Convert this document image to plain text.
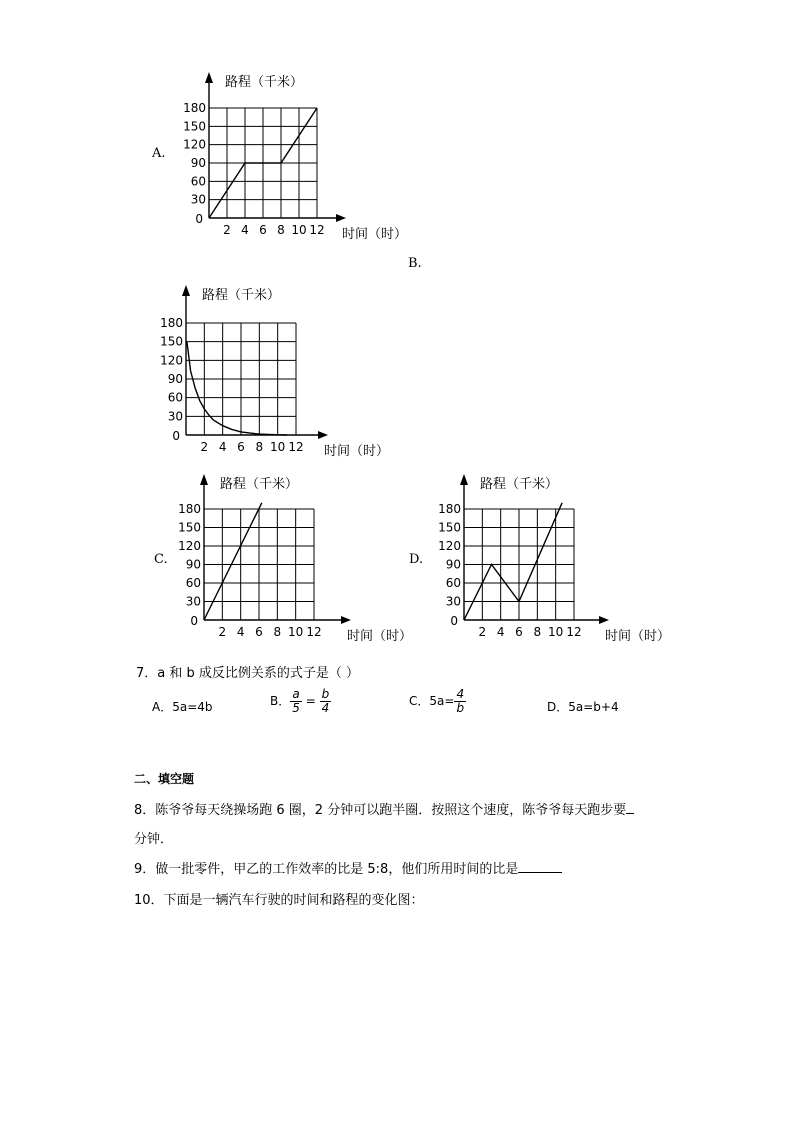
A.
2 4 6 8 10 12
30
60
90
120
150
180
0
路程（千米）
时间（时）
B.
2 4 6 8 10 12
30
60
90
120
150
180
0
路程（千米）
时间（时）
C.
2 4 6 8 10 12
30
60
90
120
150
180
0
路程（千米）
时间（时）
D.
2 4 6 8 10 12
30
60
90
120
150
180
0
路程（千米）
时间（时）
7．a 和 b 成反比例关系的式子是（ ）
A．5a=4b	B． $\frac{a}{5} = \frac{b}{4}$	C．$5a= \frac{4}{b}$	D．5a=b+4
二、填空题
8．陈爷爷每天绕操场跑 6 圈，2 分钟可以跑半圈．按照这个速度，陈爷爷每天跑步要
分钟．
9．做一批零件，甲乙的工作效率的比是 5:8，他们所用时间的比是
10．下面是一辆汽车行驶的时间和路程的变化图：
